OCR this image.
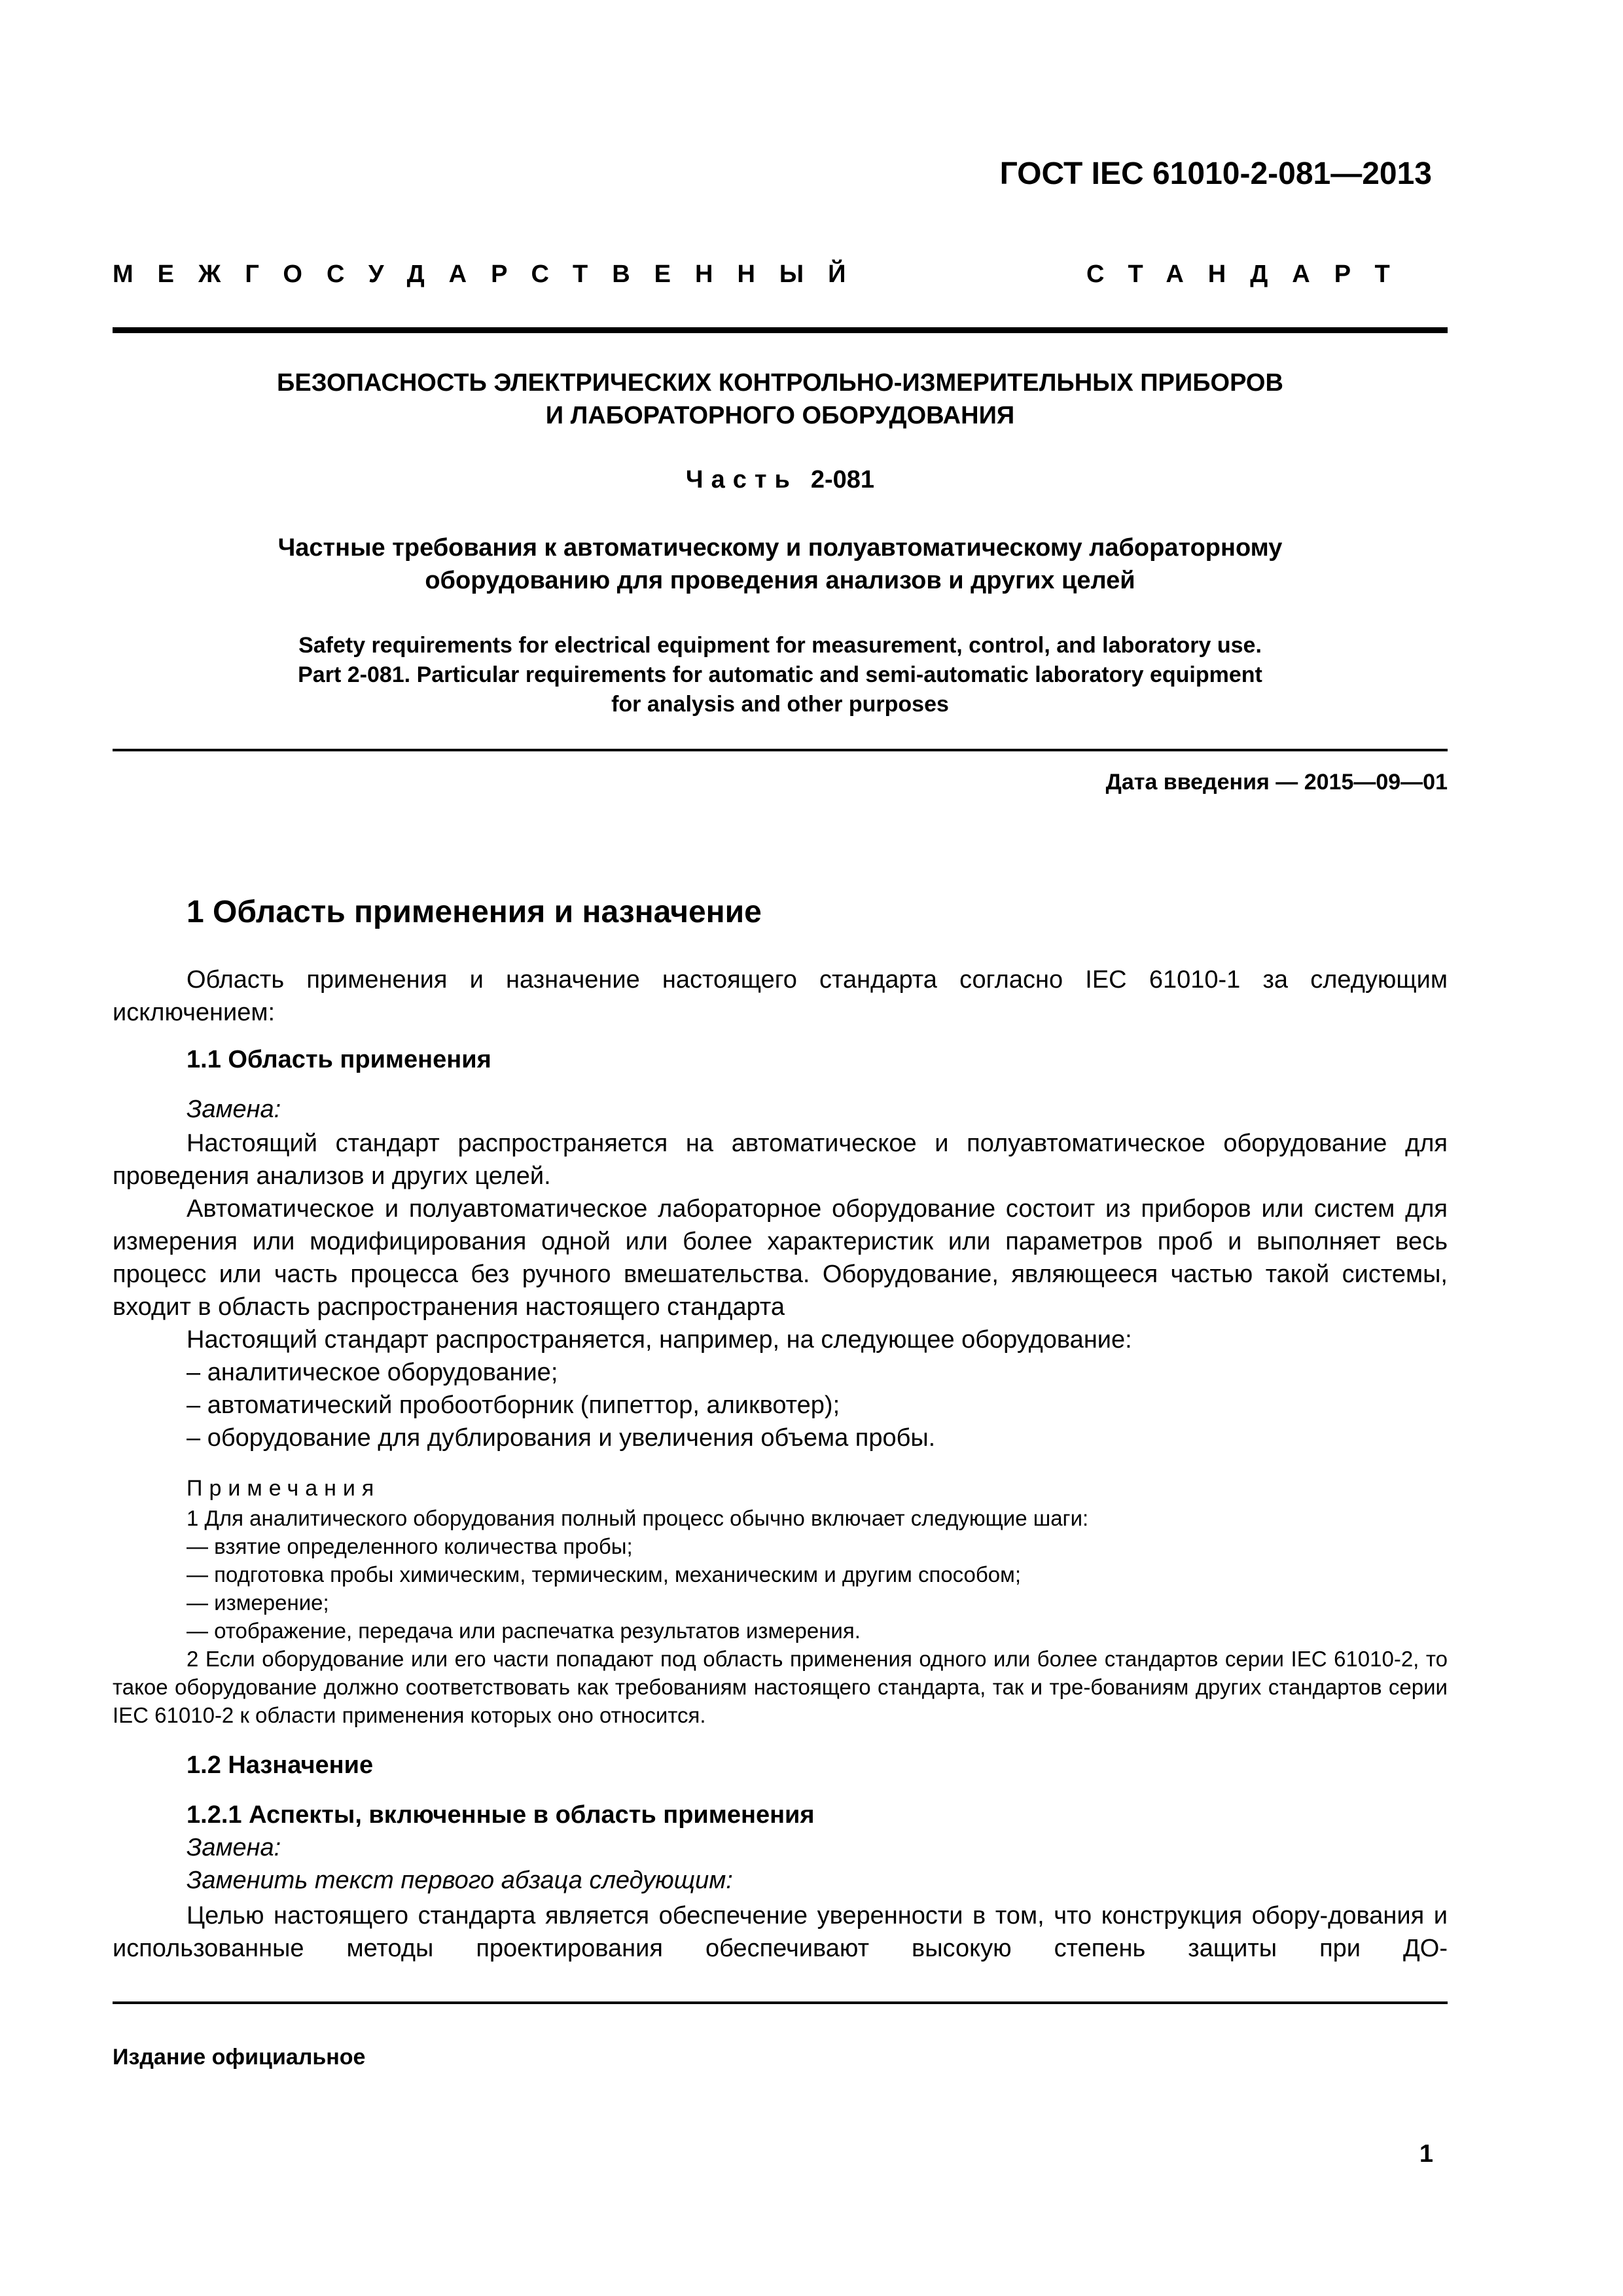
ГОСТ IEC 61010-2-081—2013
МЕЖГОСУДАРСТВЕННЫЙ	СТАНДАРТ
БЕЗОПАСНОСТЬ ЭЛЕКТРИЧЕСКИХ КОНТРОЛЬНО-ИЗМЕРИТЕЛЬНЫХ ПРИБОРОВ
И ЛАБОРАТОРНОГО ОБОРУДОВАНИЯ
Часть 2-081
Частные требования к автоматическому и полуавтоматическому лабораторному
оборудованию для проведения анализов и других целей
Safety requirements for electrical equipment for measurement, control, and laboratory use.
Part 2-081. Particular requirements for automatic and semi-automatic laboratory equipment
for analysis and other purposes
Дата введения — 2015—09—01
1 Область применения и назначение

Область применения и назначение настоящего стандарта согласно IEC 61010-1 за следующим исключением:

1.1 Область применения
Замена:

Настоящий стандарт распространяется на автоматическое и полуавтоматическое оборудование для проведения анализов и других целей.

Автоматическое и полуавтоматическое лабораторное оборудование состоит из приборов или систем для измерения или модифицирования одной или более характеристик или параметров проб и выполняет весь процесс или часть процесса без ручного вмешательства. Оборудование, являющееся частью такой системы, входит в область распространения настоящего стандарта

Настоящий стандарт распространяется, например, на следующее оборудование:

– аналитическое оборудование;
– автоматический пробоотборник (пипеттор, аликвотер);
– оборудование для дублирования и увеличения объема пробы.
Примечания

1 Для аналитического оборудования полный процесс обычно включает следующие шаги:

— взятие определенного количества пробы;
— подготовка пробы химическим, термическим, механическим и другим способом;
— измерение;
— отображение, передача или распечатка результатов измерения.

2 Если оборудование или его части попадают под область применения одного или более стандартов серии IEC 61010-2, то такое оборудование должно соответствовать как требованиям настоящего стандарта, так и тре-бованиям других стандартов серии IEC 61010-2 к области применения которых оно относится.

1.2 Назначение
1.2.1 Аспекты, включенные в область применения
Замена:
Заменить текст первого абзаца следующим:

Целью настоящего стандарта является обеспечение уверенности в том, что конструкция обору-дования и использованные методы проектирования обеспечивают высокую степень защиты при ДО-

Издание официальное
1
